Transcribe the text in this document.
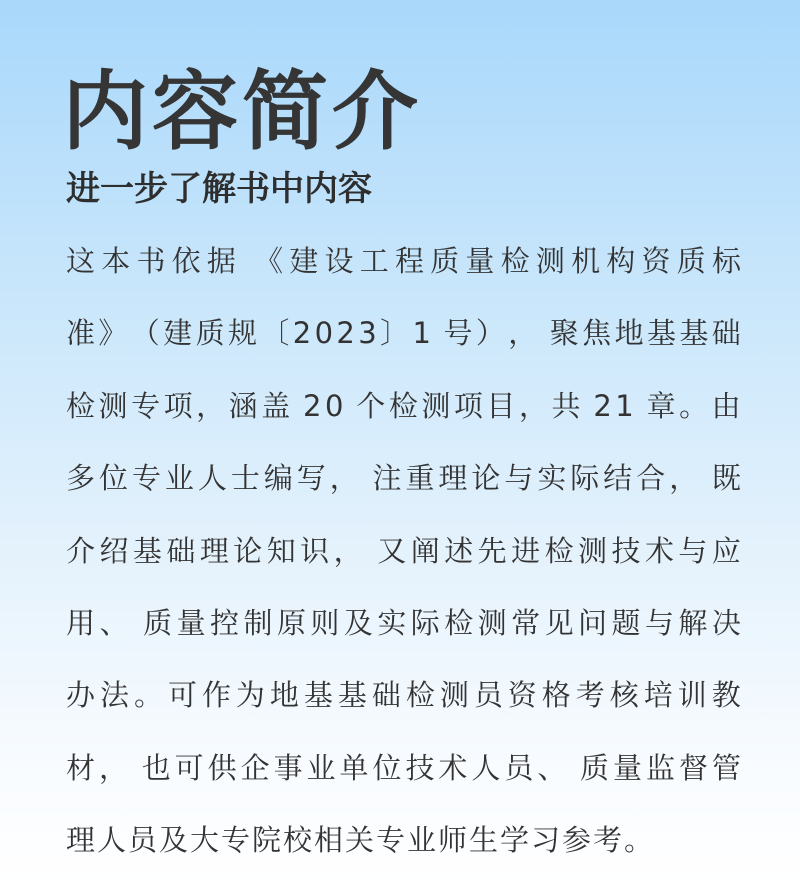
内容简介
进一步了解书中内容
这 本 书 依 据
  《 建 设 工 程 质 量 检 测 机 构 资 质 标
准 》 （ 建 质 规 〔 2 0 2 3 〕 1
  号 ） ，
  聚 焦 地 基 基 础
检 测 专 项 ， 涵 盖
  2 0
  个 检 测 项 目 ， 共
  2 1
  章 。 由
多 位 专 业 人 士 编 写 ，
  注 重 理 论 与 实 际 结 合 ，
  既
介 绍 基 础 理 论 知 识 ，
  又 阐 述 先 进 检 测 技 术 与 应
用 、
  质 量 控 制 原 则 及 实 际 检 测 常 见 问 题 与 解 决
办 法 。 可 作 为 地 基 基 础 检 测 员 资 格 考 核 培 训 教
材 ，
  也 可 供 企 事 业 单 位 技 术 人 员 、
  质 量 监 督 管
理人员及大专院校相关专业师生学习参考。
